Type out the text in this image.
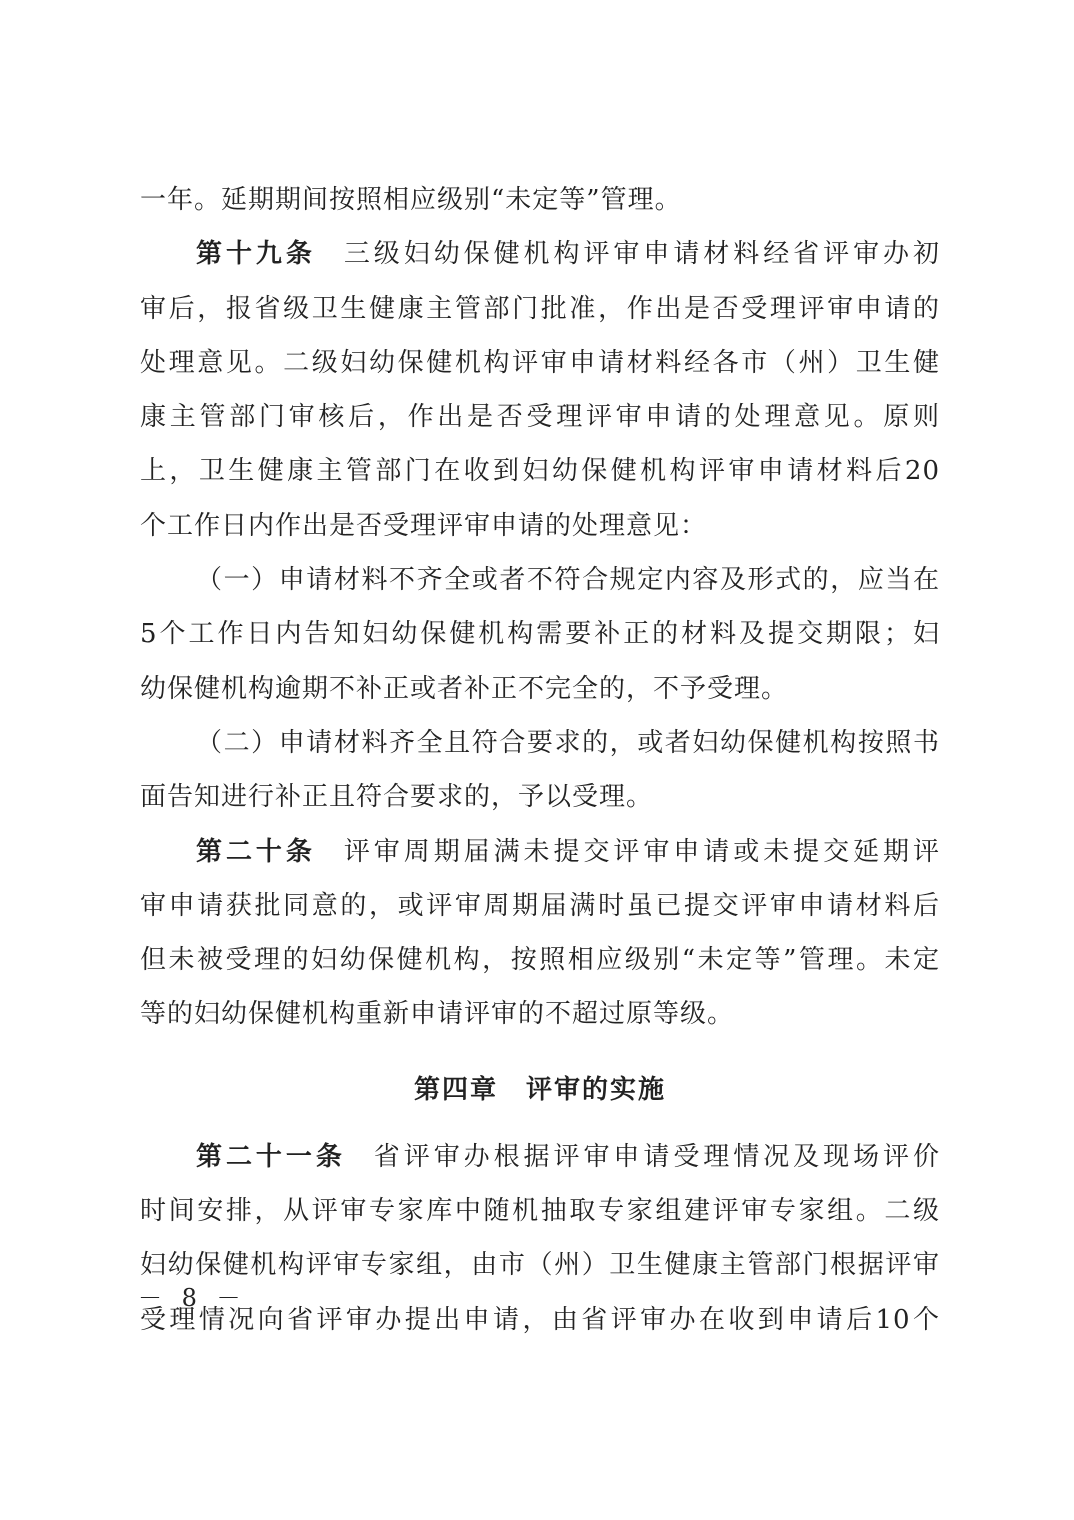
一年。延期期间按照相应级别“未定等”管理。
第十九条 三级妇幼保健机构评审申请材料经省评审办初
审后，报省级卫生健康主管部门批准，作出是否受理评审申请的
处理意见。二级妇幼保健机构评审申请材料经各市（州）卫生健
康主管部门审核后，作出是否受理评审申请的处理意见。原则
上，卫生健康主管部门在收到妇幼保健机构评审申请材料后20
个工作日内作出是否受理评审申请的处理意见：
（一）申请材料不齐全或者不符合规定内容及形式的，应当在
5个工作日内告知妇幼保健机构需要补正的材料及提交期限；妇
幼保健机构逾期不补正或者补正不完全的，不予受理。
（二）申请材料齐全且符合要求的，或者妇幼保健机构按照书
面告知进行补正且符合要求的，予以受理。
第二十条 评审周期届满未提交评审申请或未提交延期评
审申请获批同意的，或评审周期届满时虽已提交评审申请材料后
但未被受理的妇幼保健机构，按照相应级别“未定等”管理。未定
等的妇幼保健机构重新申请评审的不超过原等级。
第四章 评审的实施
第二十一条 省评审办根据评审申请受理情况及现场评价
时间安排，从评审专家库中随机抽取专家组建评审专家组。二级
妇幼保健机构评审专家组，由市（州）卫生健康主管部门根据评审
受理情况向省评审办提出申请，由省评审办在收到申请后10个
－ 8 －
